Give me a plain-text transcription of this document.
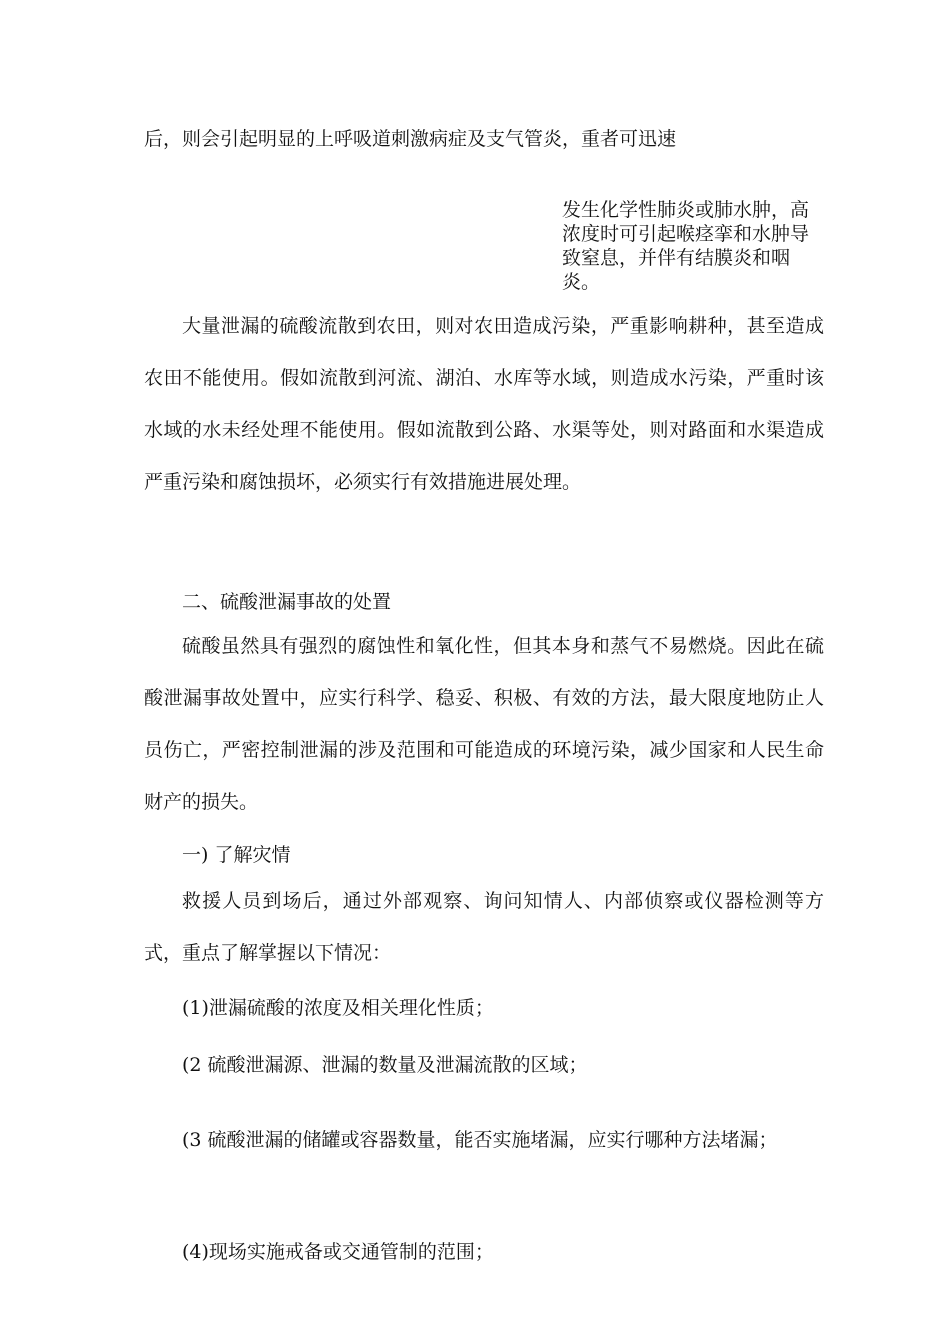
后，则会引起明显的上呼吸道刺激病症及支气管炎，重者可迅速
发生化学性肺炎或肺水肿，高浓度时可引起喉痉挛和水肿导致窒息，并伴有结膜炎和咽炎。
大量泄漏的硫酸流散到农田，则对农田造成污染，严重影响耕种，甚至造成农田不能使用。假如流散到河流、湖泊、水库等水域，则造成水污染，严重时该水域的水未经处理不能使用。假如流散到公路、水渠等处，则对路面和水渠造成严重污染和腐蚀损坏，必须实行有效措施进展处理。
二、硫酸泄漏事故的处置
硫酸虽然具有强烈的腐蚀性和氧化性，但其本身和蒸气不易燃烧。因此在硫酸泄漏事故处置中，应实行科学、稳妥、积极、有效的方法，最大限度地防止人员伤亡，严密控制泄漏的涉及范围和可能造成的环境污染，减少国家和人民生命财产的损失。
一) 了解灾情
救援人员到场后，通过外部观察、询问知情人、内部侦察或仪器检测等方式，重点了解掌握以下情况：
(1)泄漏硫酸的浓度及相关理化性质；
(2 硫酸泄漏源、泄漏的数量及泄漏流散的区域；
(3 硫酸泄漏的储罐或容器数量，能否实施堵漏，应实行哪种方法堵漏；
(4)现场实施戒备或交通管制的范围；
